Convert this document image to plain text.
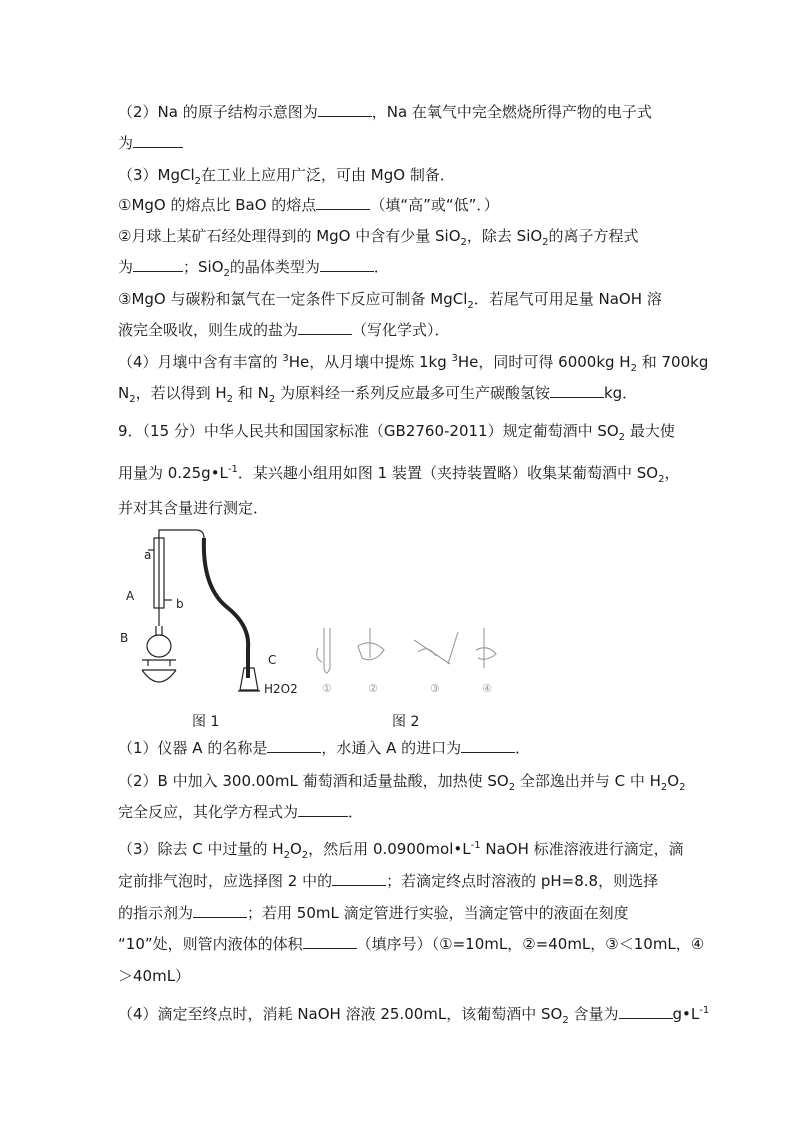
（2）Na 的原子结构示意图为	，Na 在氧气中完全燃烧所得产物的电子式
为
（3）MgCl$_2$在工业上应用广泛，可由 MgO 制备．
①MgO 的熔点比 BaO 的熔点	（填“高”或“低”．）
②月球上某矿石经处理得到的 MgO 中含有少量 SiO$_2$，除去 SiO$_2$的离子方程式
为	；SiO$_2$的晶体类型为	．
③MgO 与碳粉和氯气在一定条件下反应可制备 MgCl$_2$．若尾气可用足量 NaOH 溶
液完全吸收，则生成的盐为	（写化学式）．
（4）月壤中含有丰富的 $^3$He，从月壤中提炼 1kg $^3$He，同时可得 6000kg $H_2$ 和 700kg
$N_2$，若以得到 $H_2$ 和 $N_2$ 为原料经一系列反应最多可生产碳酸氢铵	kg．
9．（15 分）中华人民共和国国家标准（GB2760-2011）规定葡萄酒中 $SO_2$ 最大使
用量为 $0.25g•L^{-1}$．某兴趣小组用如图 1 装置（夹持装置略）收集某葡萄酒中 $SO_2$，
并对其含量进行测定．
a
b
A
B
C
H2O2 ①	②	③	④
图 1	图 2
（1）仪器 A 的名称是	，水通入 A 的进口为	．
（2）B 中加入 300.00mL 葡萄酒和适量盐酸，加热使 $SO_2$ 全部逸出并与 C 中 $H_2O_2$
完全反应，其化学方程式为	．
（3）除去 C 中过量的 $H_2O_2$，然后用 $0.0900mol•L^{-1}$ NaOH 标准溶液进行滴定，滴
定前排气泡时，应选择图 2 中的	；若滴定终点时溶液的 pH=8.8，则选择
的指示剂为	；若用 50mL 滴定管进行实验，当滴定管中的液面在刻度
“10”处，则管内液体的体积	（填序号）（①=10mL，②=40mL，③＜10mL，④
＞40mL）
（4）滴定至终点时，消耗 NaOH 溶液 25.00mL，该葡萄酒中 $SO_2$ 含量为	$g•L^{-1}$
